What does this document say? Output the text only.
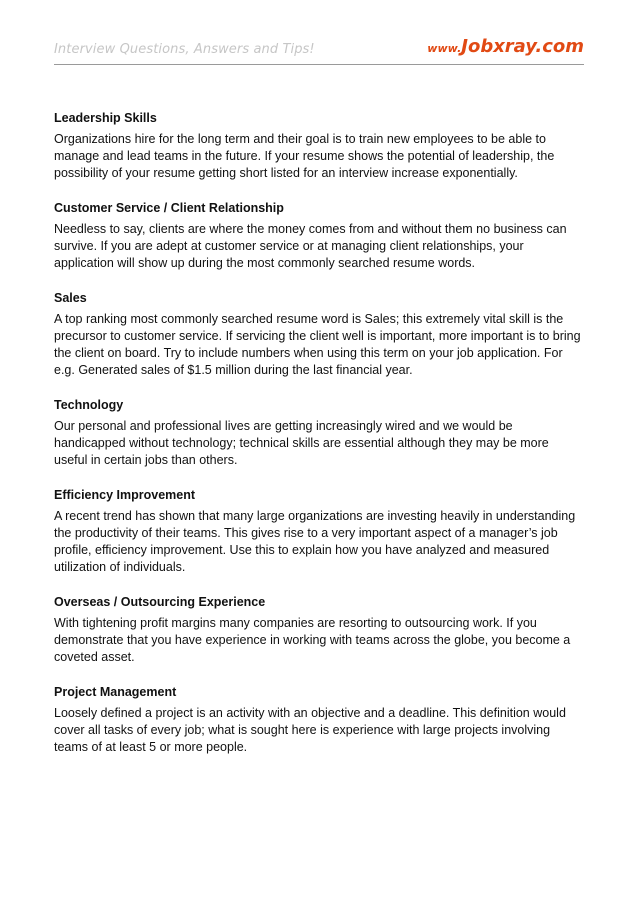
Interview Questions, Answers and Tips!	www.Jobxray.com
Leadership Skills

Organizations hire for the long term and their goal is to train new employees to be able to manage and lead teams in the future. If your resume shows the potential of leadership, the possibility of your resume getting short listed for an interview increase exponentially.

Customer Service / Client Relationship

Needless to say, clients are where the money comes from and without them no business can survive. If you are adept at customer service or at managing client relationships, your application will show up during the most commonly searched resume words.

Sales

A top ranking most commonly searched resume word is Sales; this extremely vital skill is the precursor to customer service. If servicing the client well is important, more important is to bring the client on board. Try to include numbers when using this term on your job application. For e.g. Generated sales of $1.5 million during the last financial year.

Technology

Our personal and professional lives are getting increasingly wired and we would be handicapped without technology; technical skills are essential although they may be more useful in certain jobs than others.

Efficiency Improvement

A recent trend has shown that many large organizations are investing heavily in understanding the productivity of their teams. This gives rise to a very important aspect of a manager’s job profile, efficiency improvement. Use this to explain how you have analyzed and measured utilization of individuals.

Overseas / Outsourcing Experience

With tightening profit margins many companies are resorting to outsourcing work. If you demonstrate that you have experience in working with teams across the globe, you become a coveted asset.

Project Management

Loosely defined a project is an activity with an objective and a deadline. This definition would cover all tasks of every job; what is sought here is experience with large projects involving teams of at least 5 or more people.
